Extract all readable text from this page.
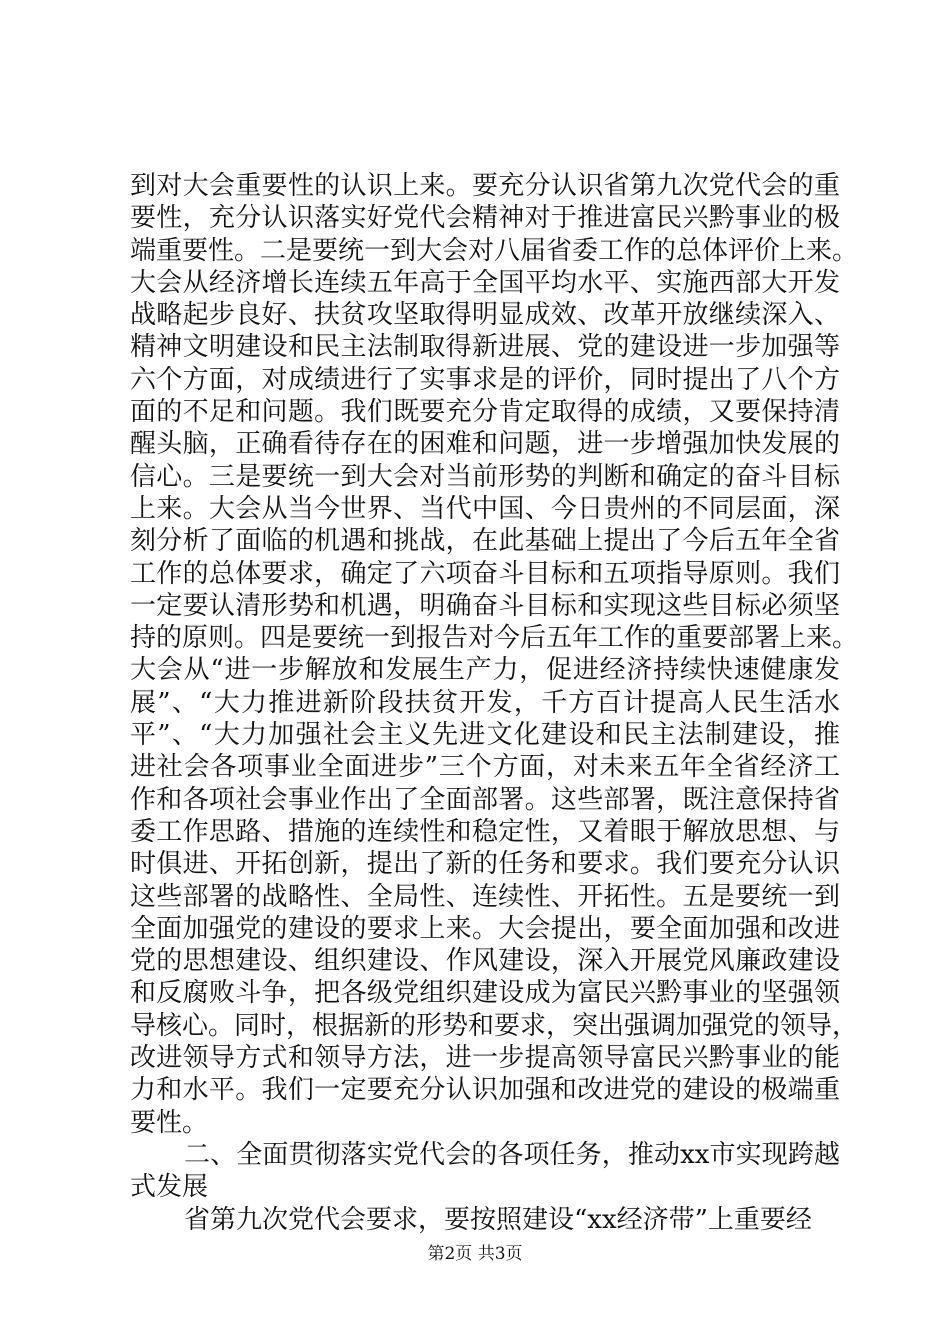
到对大会重要性的认识上来。要充分认识省第九次党代会的重
要性，充分认识落实好党代会精神对于推进富民兴黔事业的极
端重要性。二是要统一到大会对八届省委工作的总体评价上来。
大会从经济增长连续五年高于全国平均水平、实施西部大开发
战略起步良好、扶贫攻坚取得明显成效、改革开放继续深入、
精神文明建设和民主法制取得新进展、党的建设进一步加强等
六个方面，对成绩进行了实事求是的评价，同时提出了八个方
面的不足和问题。我们既要充分肯定取得的成绩，又要保持清
醒头脑，正确看待存在的困难和问题，进一步增强加快发展的
信心。三是要统一到大会对当前形势的判断和确定的奋斗目标
上来。大会从当今世界、当代中国、今日贵州的不同层面，深
刻分析了面临的机遇和挑战，在此基础上提出了今后五年全省
工作的总体要求，确定了六项奋斗目标和五项指导原则。我们
一定要认清形势和机遇，明确奋斗目标和实现这些目标必须坚
持的原则。四是要统一到报告对今后五年工作的重要部署上来。
大会从“进一步解放和发展生产力，促进经济持续快速健康发
展”、“大力推进新阶段扶贫开发，千方百计提高人民生活水
平”、“大力加强社会主义先进文化建设和民主法制建设，推
进社会各项事业全面进步”三个方面，对未来五年全省经济工
作和各项社会事业作出了全面部署。这些部署，既注意保持省
委工作思路、措施的连续性和稳定性，又着眼于解放思想、与
时俱进、开拓创新，提出了新的任务和要求。我们要充分认识
这些部署的战略性、全局性、连续性、开拓性。五是要统一到
全面加强党的建设的要求上来。大会提出，要全面加强和改进
党的思想建设、组织建设、作风建设，深入开展党风廉政建设
和反腐败斗争，把各级党组织建设成为富民兴黔事业的坚强领
导核心。同时，根据新的形势和要求，突出强调加强党的领导，
改进领导方式和领导方法，进一步提高领导富民兴黔事业的能
力和水平。我们一定要充分认识加强和改进党的建设的极端重
要性。
二、全面贯彻落实党代会的各项任务，推动xx市实现跨越
式发展
省第九次党代会要求，要按照建设“xx经济带”上重要经
第2页 共3页
